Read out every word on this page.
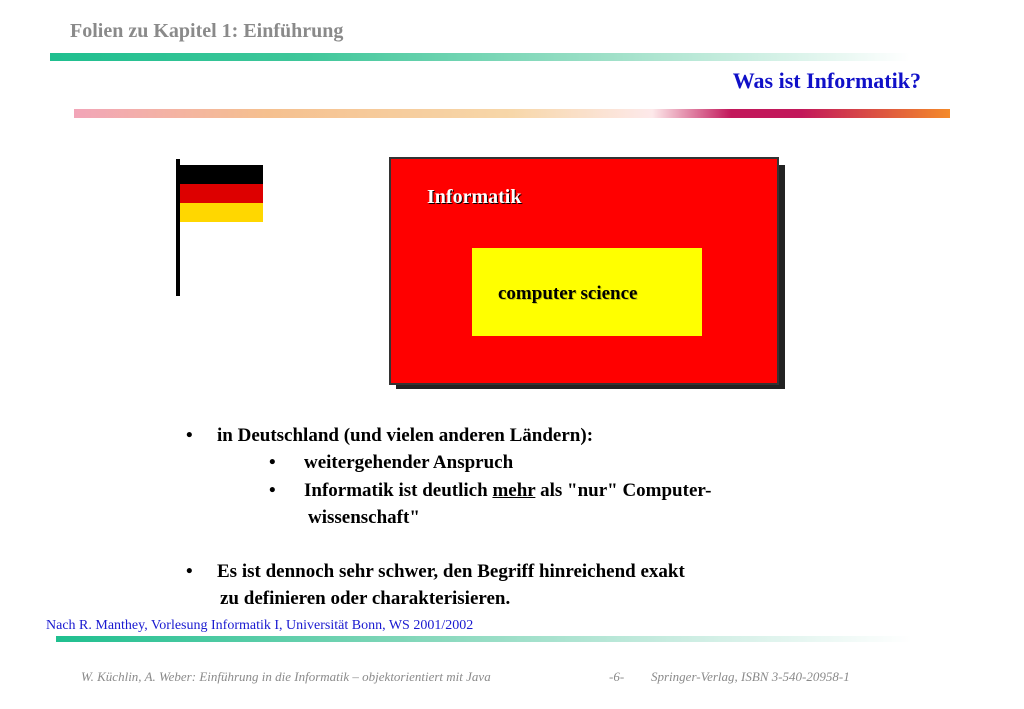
Folien zu Kapitel 1: Einführung
Was ist Informatik?
Informatik
computer science
• in Deutschland (und vielen anderen Ländern):
• weitergehender Anspruch
• Informatik ist deutlich mehr als "nur" Computer-
wissenschaft"
• Es ist dennoch sehr schwer, den Begriff hinreichend exakt
zu definieren oder charakterisieren.
Nach R. Manthey, Vorlesung Informatik I, Universität Bonn, WS 2001/2002
W. Küchlin, A. Weber: Einführung in die Informatik – objektorientiert mit Java	-6- Springer-Verlag, ISBN 3-540-20958-1
